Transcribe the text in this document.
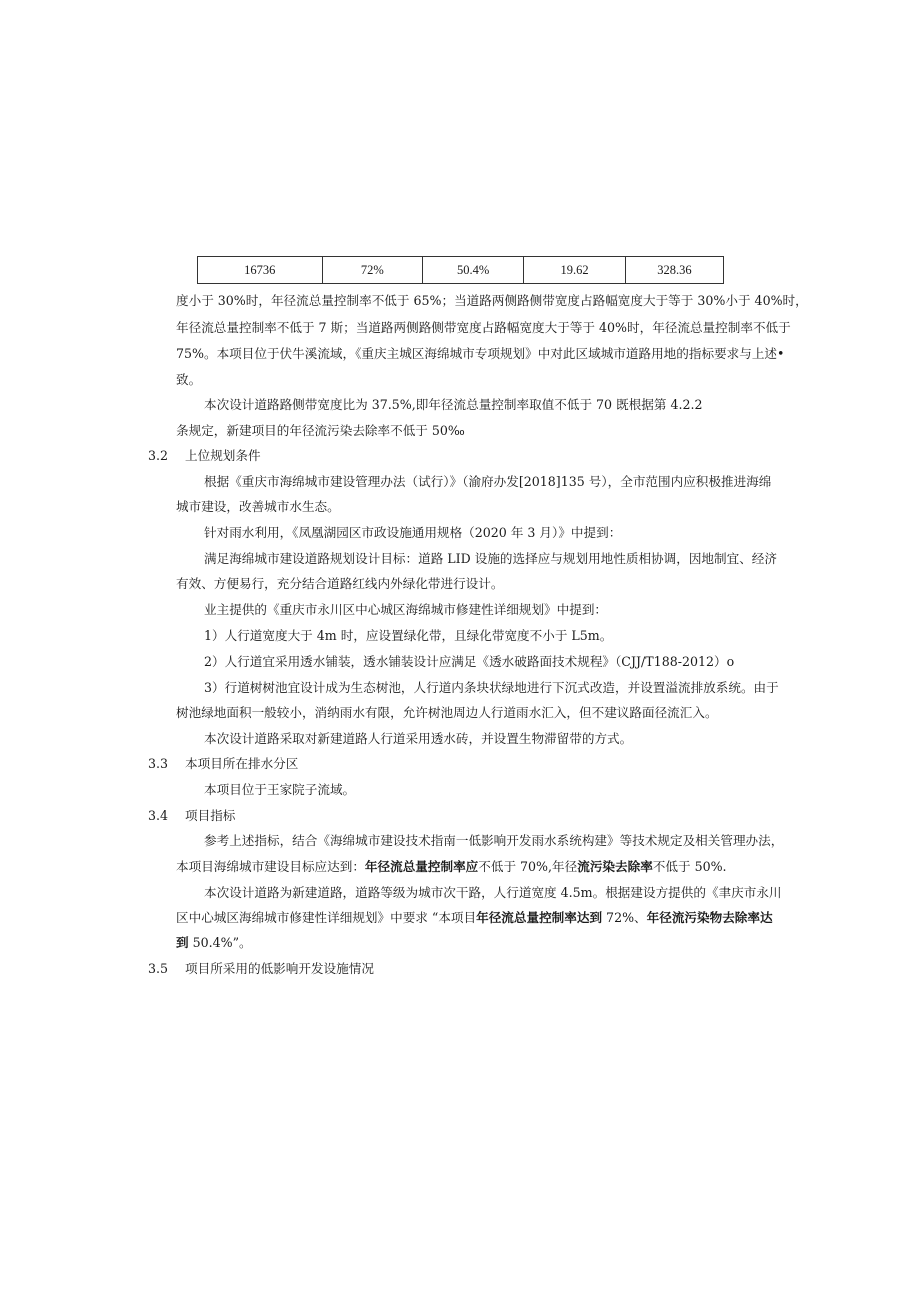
16736	72%	50.4%	19.62	328.36
度小于 30%时，年径流总量控制率不低于 65%；当道路两侧路侧带宽度占路幅宽度大于等于 30%小于 40%时，
年径流总量控制率不低于 7 斯；当道路两侧路侧带宽度占路幅宽度大于等于 40%时，年径流总量控制率不低于
75%。本项目位于伏牛溪流域，《重庆主城区海绵城市专项规划》中对此区域城市道路用地的指标要求与上述•
致。
本次设计道路路侧带宽度比为 37.5%,即年径流总量控制率取值不低于 70 既根据第 4.2.2
条规定，新建项目的年径流污染去除率不低于 50‰
3.2 上位规划条件
根据《重庆市海绵城市建设管理办法（试行）》（渝府办发[2018]135 号），全市范围内应积极推进海绵
城市建设，改善城市水生态。
针对雨水利用，《凤凰湖园区市政设施通用规格（2020 年 3 月）》中提到：
满足海绵城市建设道路规划设计目标：道路 LID 设施的选择应与规划用地性质相协调，因地制宜、经济
有效、方便易行，充分结合道路红线内外绿化带进行设计。
业主提供的《重庆市永川区中心城区海绵城市修建性详细规划》中提到：
1）人行道宽度大于 4m 时，应设置绿化带，且绿化带宽度不小于 L5m。
2）人行道宜采用透水铺装，透水铺装设计应满足《透水破路面技术规程》（CJJ/T188-2012）o
3）行道树树池宜设计成为生态树池，人行道内条块状绿地进行下沉式改造，并设置溢流排放系统。由于
树池绿地面积一般较小，消纳雨水有限，允许树池周边人行道雨水汇入，但不建议路面径流汇入。
本次设计道路采取对新建道路人行道采用透水砖，并设置生物滞留带的方式。
3.3 本项目所在排水分区
本项目位于王家院子流域。
3.4 项目指标
参考上述指标，结合《海绵城市建设技术指南一低影响开发雨水系统构建》等技术规定及相关管理办法，
本项目海绵城市建设目标应达到：年径流总量控制率应不低于 70%,年径流污染去除率不低于 50%.
本次设计道路为新建道路，道路等级为城市次干路，人行道宽度 4.5m。根据建设方提供的《聿庆市永川
区中心城区海绵城市修建性详细规划》中要求 “本项目年径流总量控制率达到 72%、年径流污染物去除率达
到 50.4%”。
3.5 项目所采用的低影响开发设施情况
